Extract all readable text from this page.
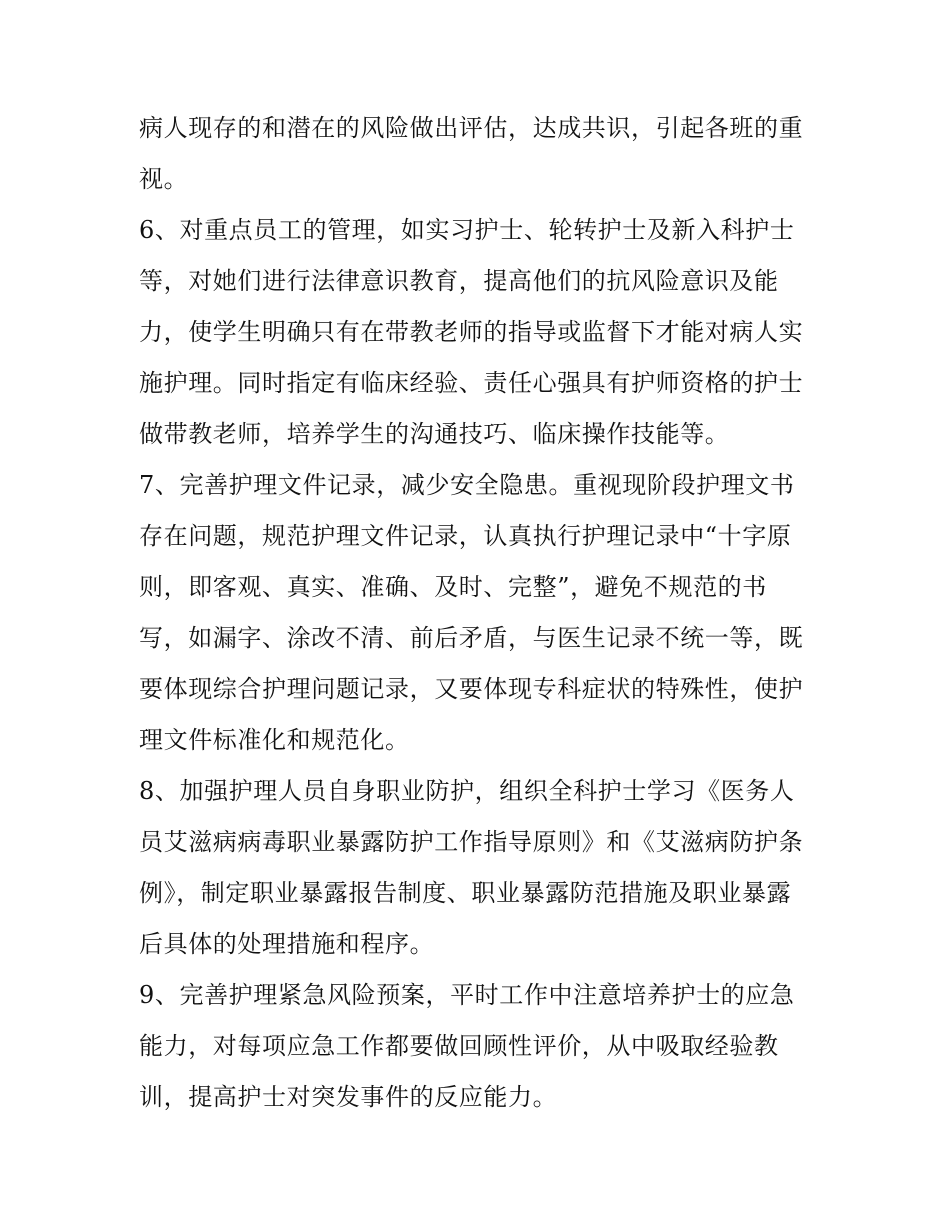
病人现存的和潜在的风险做出评估，达成共识，引起各班的重
视。
6、对重点员工的管理，如实习护士、轮转护士及新入科护士
等，对她们进行法律意识教育，提高他们的抗风险意识及能
力，使学生明确只有在带教老师的指导或监督下才能对病人实
施护理。同时指定有临床经验、责任心强具有护师资格的护士
做带教老师，培养学生的沟通技巧、临床操作技能等。
7、完善护理文件记录，减少安全隐患。重视现阶段护理文书
存在问题，规范护理文件记录，认真执行护理记录中“十字原
则，即客观、真实、准确、及时、完整”，避免不规范的书
写，如漏字、涂改不清、前后矛盾，与医生记录不统一等，既
要体现综合护理问题记录，又要体现专科症状的特殊性，使护
理文件标准化和规范化。
8、加强护理人员自身职业防护，组织全科护士学习《医务人
员艾滋病病毒职业暴露防护工作指导原则》和《艾滋病防护条
例》，制定职业暴露报告制度、职业暴露防范措施及职业暴露
后具体的处理措施和程序。
9、完善护理紧急风险预案，平时工作中注意培养护士的应急
能力，对每项应急工作都要做回顾性评价，从中吸取经验教
训，提高护士对突发事件的反应能力。
